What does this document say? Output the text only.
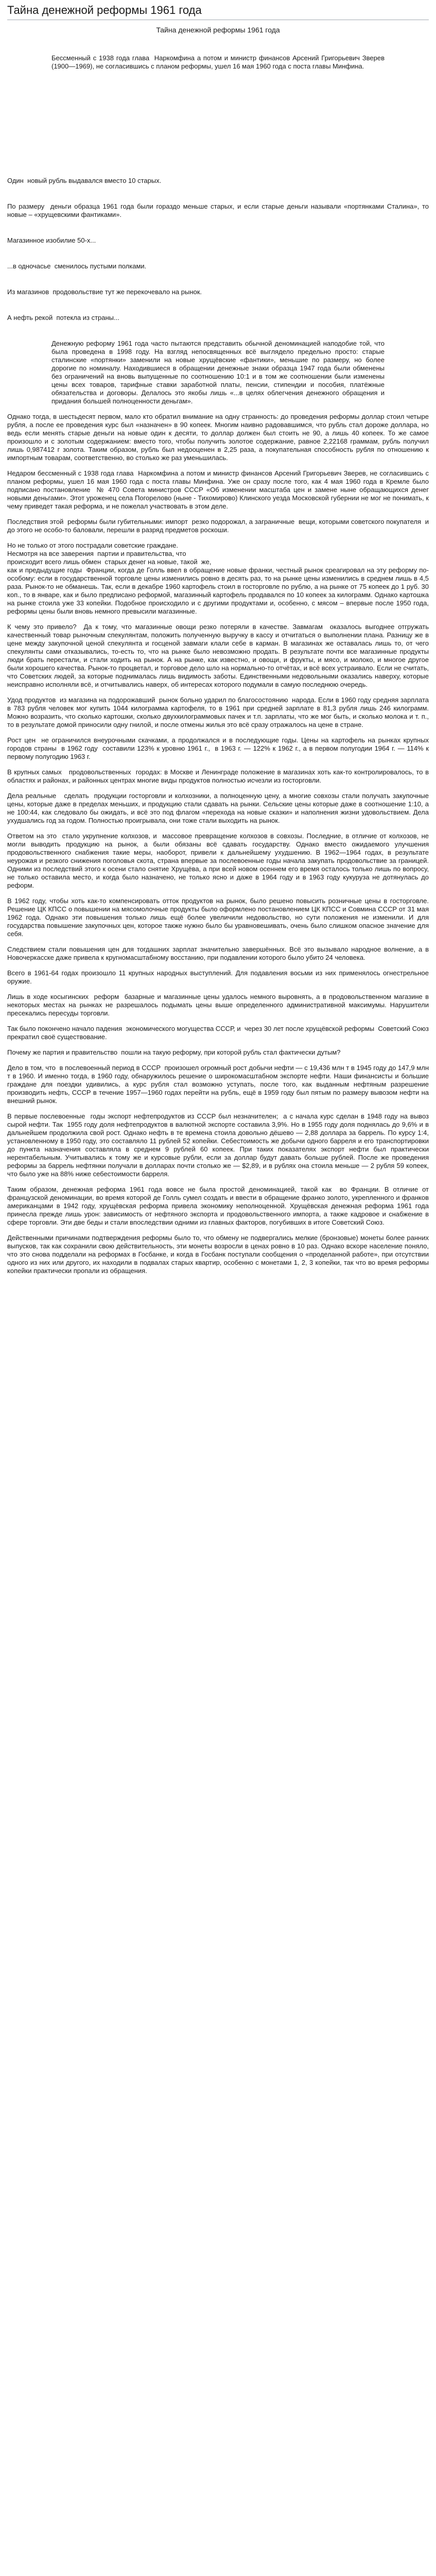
Тайна денежной реформы 1961 года
Тайна денежной реформы 1961 года

Бессменный с 1938 года глава  Наркомфина а потом и министр финансов Арсений Григорьевич Зверев (1900—1969), не согласившись с планом реформы, ушел 16 мая 1960 года с поста главы Минфина.

Один  новый рубль выдавался вместо 10 старых.

По размеру  деньги образца 1961 года были гораздо меньше старых, и если старые деньги называли «портянками Сталина», то новые – «хрущевскими фантиками».

Магазинное изобилие 50-х...

...в одночасье  сменилось пустыми полками.

Из магазинов  продовольствие тут же перекочевало на рынок.

А нефть рекой  потекла из страны...

Денежную реформу 1961 года часто пытаются представить обычной деноминацией наподобие той, что была проведена в 1998 году. На взгляд непосвященных всё выглядело предельно просто: старые сталинские «портянки» заменили на новые хрущёвские «фантики», меньшие по размеру, но более дорогие по номиналу. Находившиеся в обращении денежные знаки образца 1947 года были обменены без ограничений на вновь выпущенные по соотношению 10:1 и в том же соотношении были изменены цены всех товаров, тарифные ставки заработной платы, пенсии, стипендии и пособия, платёжные обязательства и договоры. Делалось это якобы лишь «...в целях облегчения денежного обращения и придания большей полноценности деньгам».

Однако тогда, в шестьдесят первом, мало кто обратил внимание на одну странность: до проведения реформы доллар стоил четыре рубля, а после ее проведения курс был «назначен» в 90 копеек. Многим наивно радовавшимся, что рубль стал дороже доллара, но ведь если менять старые деньги на новые один к десяти, то доллар должен был стоить не 90, а лишь 40 копеек. То же самое произошло и с золотым содержанием: вместо того, чтобы получить золотое содержание, равное 2,22168 граммам, рубль получил лишь 0,987412 г золота. Таким образом, рубль был недооценен в 2,25 раза, а покупательная способность рубля по отношению к импортным товарам, соответственно, во столько же раз уменьшилась.

Недаром бессменный с 1938 года глава  Наркомфина а потом и министр финансов Арсений Григорьевич Зверев, не согласившись с планом реформы, ушел 16 мая 1960 года с поста главы Минфина. Уже он сразу после того, как 4 мая 1960 года в Кремле было подписано постановление  № 470 Совета министров СССР «Об изменении масштаба цен и замене ныне обращающихся денег новыми деньгами». Этот уроженец села Погорелово (ныне - Тихомирово) Клинского уезда Московской губернии не мог не понимать, к чему приведет такая реформа, и не пожелал участвовать в этом деле.

Последствия этой  реформы были губительными: импорт  резко подорожал, а заграничные  вещи, которыми советского покупателя  и до этого не особо-то баловали, перешли в разряд предметов роскоши.

Но не только от этого пострадали советские граждане.
Несмотря на все заверения  партии и правительства, что
происходит всего лишь обмен  старых денег на новые, такой  же,
как и предыдущие годы  Франции, когда де Голль ввел в обращение новые франки, честный рынок среагировал на эту реформу по-особому: если в государственной торговле цены изменились ровно в десять раз, то на рынке цены изменились в среднем лишь в 4,5 раза. Рынок-то не обманешь. Так, если в декабре 1960 картофель стоил в госторговле по рублю, а на рынке от 75 копеек до 1 руб. 30 коп., то в январе, как и было предписано реформой, магазинный картофель продавался по 10 копеек за килограмм. Однако картошка на рынке стоила уже 33 копейки. Подобное происходило и с другими продуктами и, особенно, с мясом – впервые после 1950 года, реформы цены были вновь немного превысили магазинные.

К чему это привело?  Да к тому, что магазинные овощи резко потеряли в качестве. Завмагам  оказалось выгоднее отгружать качественный товар рыночным спекулянтам, положить полученную выручку в кассу и отчитаться о выполнении плана. Разницу же в цене между закупочной ценой спекулянта и госценой завмаги клали себе в карман. В магазинах же оставалась лишь то, от чего спекулянты сами отказывались, то-есть то, что на рынке было невозможно продать. В результате почти все магазинные продукты люди брать перестали, и стали ходить на рынок. А на рынке, как известно, и овощи, и фрукты, и мясо, и молоко, и многое другое были хорошего качества. Рынок-то процветал, и торговое дело шло на нормально-то отчётах, и всё всех устраивало. Если не считать, что Советских людей, за которые поднималась лишь видимость заботы. Единственными недовольными оказались наверху, которые неисправно исполняли всё, и отчитывались наверх, об интересах которого подумали в самую последнюю очередь.

Удод продуктов  из магазина на подорожавший  рынок больно ударил по благосостоянию  народа. Если в 1960 году средняя зарплата в 783 рубля человек мог купить 1044 килограмма картофеля, то в 1961 при средней зарплате в 81,3 рубля лишь 246 килограмм. Можно возразить, что сколько картошки, сколько двухкилограммовых пачек и т.п. зарплаты, что же мог быть, и сколько молока и т. п., то в результате домой приносили одну гнилой, и после отмены жилья это всё сразу отражалось на цене в стране.

Рост цен  не ограничился внеурочными скачками, а продолжался и в последующие годы. Цены на картофель на рынках крупных городов страны  в 1962 году  составили 123% к уровню 1961 г.,  в 1963 г. — 122% к 1962 г., а в первом полугодии 1964 г. — 114% к первому полугодию 1963 г.

В крупных самых   продовольственных  городах: в Москве и Ленинграде положение в магазинах хоть как-то контролировалось, то в областях и районах, и районных центрах многие виды продуктов полностью исчезли из госторговли.

Дела реальные   сделать  продукции госторговли и колхозники, а полноценную цену, а многие совхозы стали получать закупочные цены, которые даже в пределах меньших, и продукцию стали сдавать на рынки. Сельские цены которые даже в соотношение 1:10, а не 100:44, как следовало бы ожидать, и всё это под флагом «перехода на новые сказки» и наполнения жизни удовольствием. Дела ухудшались год за годом. Полностью проигрывала, они тоже стали выходить на рынок.

Ответом на это  стало укрупнение колхозов, и  массовое превращение колхозов в совхозы. Последние, в отличие от колхозов, не могли выводить продукцию на рынок, а были обязаны всё сдавать государству. Однако вместо ожидаемого улучшения продовольственного снабжения такие меры, наоборот, привели к дальнейшему ухудшению. В 1962—1964 годах, в результате неурожая и резкого снижения поголовья скота, страна впервые за послевоенные годы начала закупать продовольствие за границей. Одними из последствий этого к осени стало снятие Хрущёва, а при всей новом осеннем его время осталось только лишь по вопросу, не только оставила место, и когда было назначено, не только ясно и даже в 1964 году и в 1963 году кукуруза не дотянулась до реформ.

В 1962 году, чтобы хоть как-то компенсировать отток продуктов на рынок, было решено повысить розничные цены в госторговле. Решение ЦК КПСС о повышении на мясомолочные продукты было оформлено постановлением ЦК КПСС и Совмина СССР от 31 мая 1962 года. Однако эти повышения только лишь ещё более увеличили недовольство, но сути положения не изменили. И для государства повышение закупочных цен, которое также нужно было бы уравновешивать, очень было слишком опасное значение для себя.

Следствием стали повышения цен для тогдашних зарплат значительно завершённых. Всё это вызывало народное волнение, а в Новочеркасске даже привела к кругномасштабному восстанию, при подавлении которого было убито 24 человека.

Всего в 1961-64 годах произошло 11 крупных народных выступлений. Для подавления восьми из них применялось огнестрельное оружие.

Лишь в ходе косыгинских  реформ  базарные и магазинные цены удалось немного выровнять, а в продовольственном магазине в некоторых местах на рынках не разрешалось подымать цены выше определенного административной максимумы. Нарушители пресекались пересуды торговли.

Так было покончено начало падения  экономического могущества СССР, и  через 30 лет после хрущёвской реформы  Советский Союз прекратил своё существование.

Почему же партия и правительство  пошли на такую реформу, при которой рубль стал фактически дутым?

Дело в том, что  в послевоенный период в СССР  произошел огромный рост добычи нефти — с 19,436 млн т в 1945 году до 147,9 млн т в 1960. И именно тогда, в 1960 году, обнаружилось решение о широкомасштабном экспорте нефти. Наши финансисты и большие граждане для поездки удивились, а курс рубля стал возможно уступать, после того, как выданным нефтяным разрешение производить нефть, СССР в течение 1957—1960 годах перейти на рубль, ещё в 1959 году был пятым по размеру вывозом нефти на внешний рынок.

В первые послевоенные  годы экспорт нефтепродуктов из СССР был незначителен;  а с начала курс сделан в 1948 году на вывоз сырой нефти. Так  1955 году доля нефтепродуктов в валютной экспорте составила 3,9%. Но в 1955 году доля поднялась до 9,6% и в дальнейшем продолжила свой рост. Однако нефть в те времена стоила довольно дёшево — 2,88 доллара за баррель. По курсу 1:4, установленному в 1950 году, это составляло 11 рублей 52 копейки. Себестоимость же добычи одного барреля и его транспортировки до пункта назначения составляла в среднем 9 рублей 60 копеек. При таких показателях экспорт нефти был практически нерентабельным. Учитывались к тому же и курсовые рубли, если за доллар будут давать больше рублей. После же проведения реформы за баррель нефтянки получали в долларах почти столько же — $2,89, и в рублях она стоила меньше — 2 рубля 59 копеек, что было уже на 88% ниже себестоимости барреля.

Таким образом, денежная реформа 1961 года вовсе не была простой деноминацией, такой как  во Франции. В отличие от французской деноминации, во время которой де Голль сумел создать и ввести в обращение франко золото, укрепленного и франков американцами в 1942 году, хрущёвская реформа привела экономику неполноценной. Хрущёвская денежная реформа 1961 года принесла прежде лишь урон: зависимость от нефтяного экспорта и продовольственного импорта, а также кадровое и снабжение в сфере торговли. Эти две беды и стали впоследствии одними из главных факторов, погубивших в итоге Советский Союз.

Действенными причинами подтверждения реформы было то, что обмену не подвергались мелкие (бронзовые) монеты более ранних выпусков, так как сохранили свою действительность, эти монеты возросли в ценах ровно в 10 раз. Однако вскоре население поняло, что это снова подделали на реформах в Госбанке, и когда в Госбанк поступали сообщения о «проделанной работе», при отсутствии одного из них или другого, их находили в подвалах старых квартир, особенно с монетами 1, 2, 3 копейки, так что во время реформы копейки практически пропали из обращения.
